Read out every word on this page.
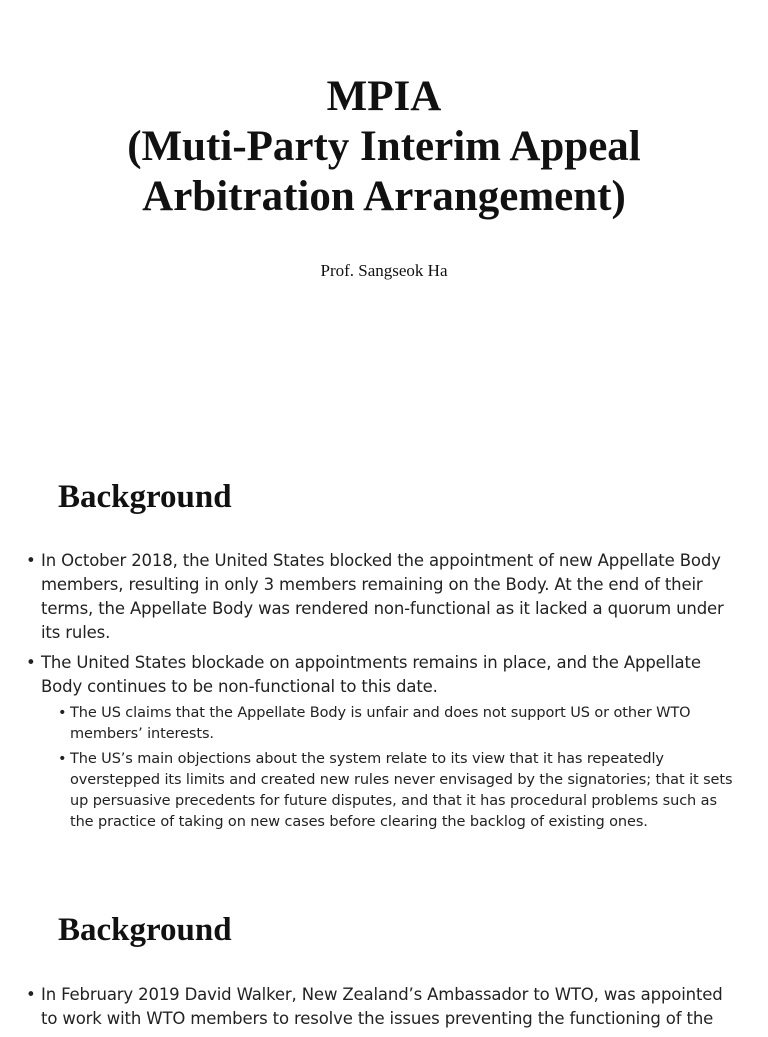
MPIA
(Muti-Party Interim Appeal
Arbitration Arrangement)
Prof. Sangseok Ha
Background
• In October 2018, the United States blocked the appointment of new Appellate Body members, resulting in only 3 members remaining on the Body. At the end of their terms, the Appellate Body was rendered non-functional as it lacked a quorum under its rules.
• The United States blockade on appointments remains in place, and the Appellate Body continues to be non-functional to this date.
• The US claims that the Appellate Body is unfair and does not support US or other WTO members’ interests.
• The US’s main objections about the system relate to its view that it has repeatedly overstepped its limits and created new rules never envisaged by the signatories; that it sets up persuasive precedents for future disputes, and that it has procedural problems such as the practice of taking on new cases before clearing the backlog of existing ones.
Background
• In February 2019 David Walker, New Zealand’s Ambassador to WTO, was appointed to work with WTO members to resolve the issues preventing the functioning of the
